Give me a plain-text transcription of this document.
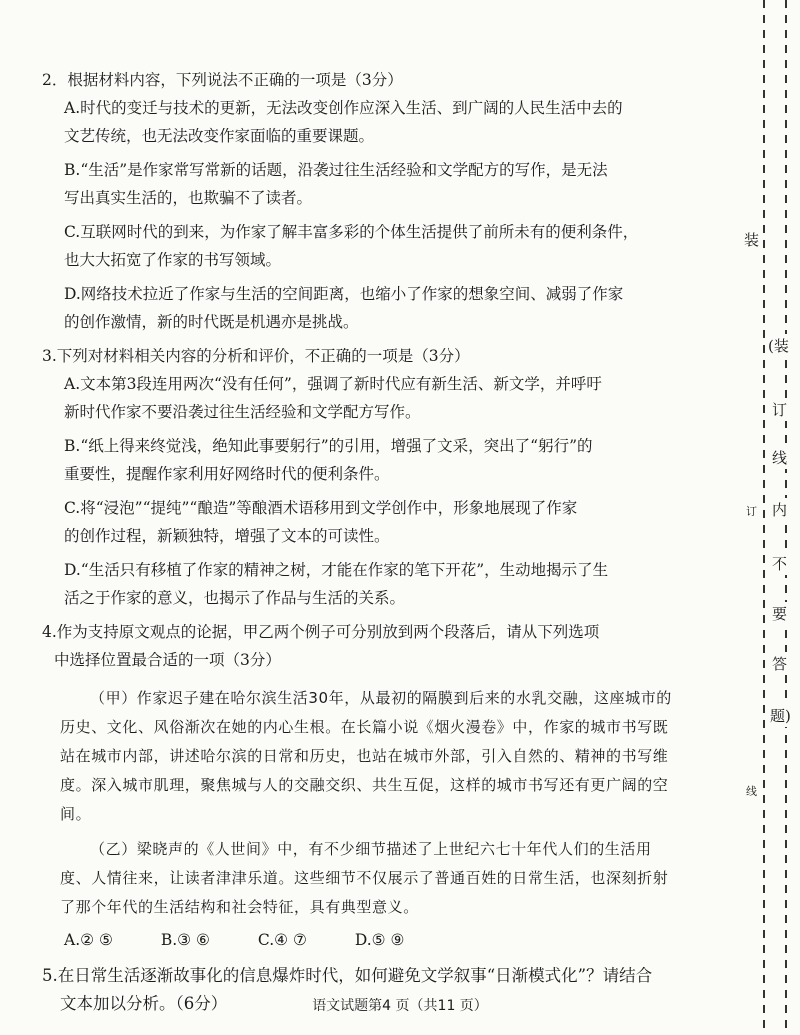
2．根据材料内容，下列说法不正确的一项是（3分）
A.时代的变迁与技术的更新，无法改变创作应深入生活、到广阔的人民生活中去的
文艺传统，也无法改变作家面临的重要课题。
B.“生活”是作家常写常新的话题，沿袭过往生活经验和文学配方的写作，是无法
写出真实生活的，也欺骗不了读者。
C.互联网时代的到来，为作家了解丰富多彩的个体生活提供了前所未有的便利条件，
也大大拓宽了作家的书写领域。
D.网络技术拉近了作家与生活的空间距离，也缩小了作家的想象空间、减弱了作家
的创作激情，新的时代既是机遇亦是挑战。
3.下列对材料相关内容的分析和评价，不正确的一项是（3分）
A.文本第3段连用两次“没有任何”，强调了新时代应有新生活、新文学，并呼吁
新时代作家不要沿袭过往生活经验和文学配方写作。
B.“纸上得来终觉浅，绝知此事要躬行”的引用，增强了文采，突出了“躬行”的
重要性，提醒作家利用好网络时代的便利条件。
C.将“浸泡”“提纯”“酿造”等酿酒术语移用到文学创作中，形象地展现了作家
的创作过程，新颖独特，增强了文本的可读性。
D.“生活只有移植了作家的精神之树，才能在作家的笔下开花”，生动地揭示了生
活之于作家的意义，也揭示了作品与生活的关系。
4.作为支持原文观点的论据，甲乙两个例子可分别放到两个段落后，请从下列选项
中选择位置最合适的一项（3分）

（甲）作家迟子建在哈尔滨生活30年，从最初的隔膜到后来的水乳交融，这座城市的历史、文化、风俗渐次在她的内心生根。在长篇小说《烟火漫卷》中，作家的城市书写既站在城市内部，讲述哈尔滨的日常和历史，也站在城市外部，引入自然的、精神的书写维度。深入城市肌理，聚焦城与人的交融交织、共生互促，这样的城市书写还有更广阔的空间。

（乙）梁晓声的《人世间》中，有不少细节描述了上世纪六七十年代人们的生活用度、人情往来，让读者津津乐道。这些细节不仅展示了普通百姓的日常生活，也深刻折射了那个年代的生活结构和社会特征，具有典型意义。

A.② ⑤	B.③ ⑥	C.④ ⑦	D.⑤ ⑨
5.在日常生活逐渐故事化的信息爆炸时代，如何避免文学叙事“日渐模式化”？请结合
文本加以分析。（6分）	语文试题第4 页（共11 页）
装
(装
订
线
订 内
不
要
答
题)
线
